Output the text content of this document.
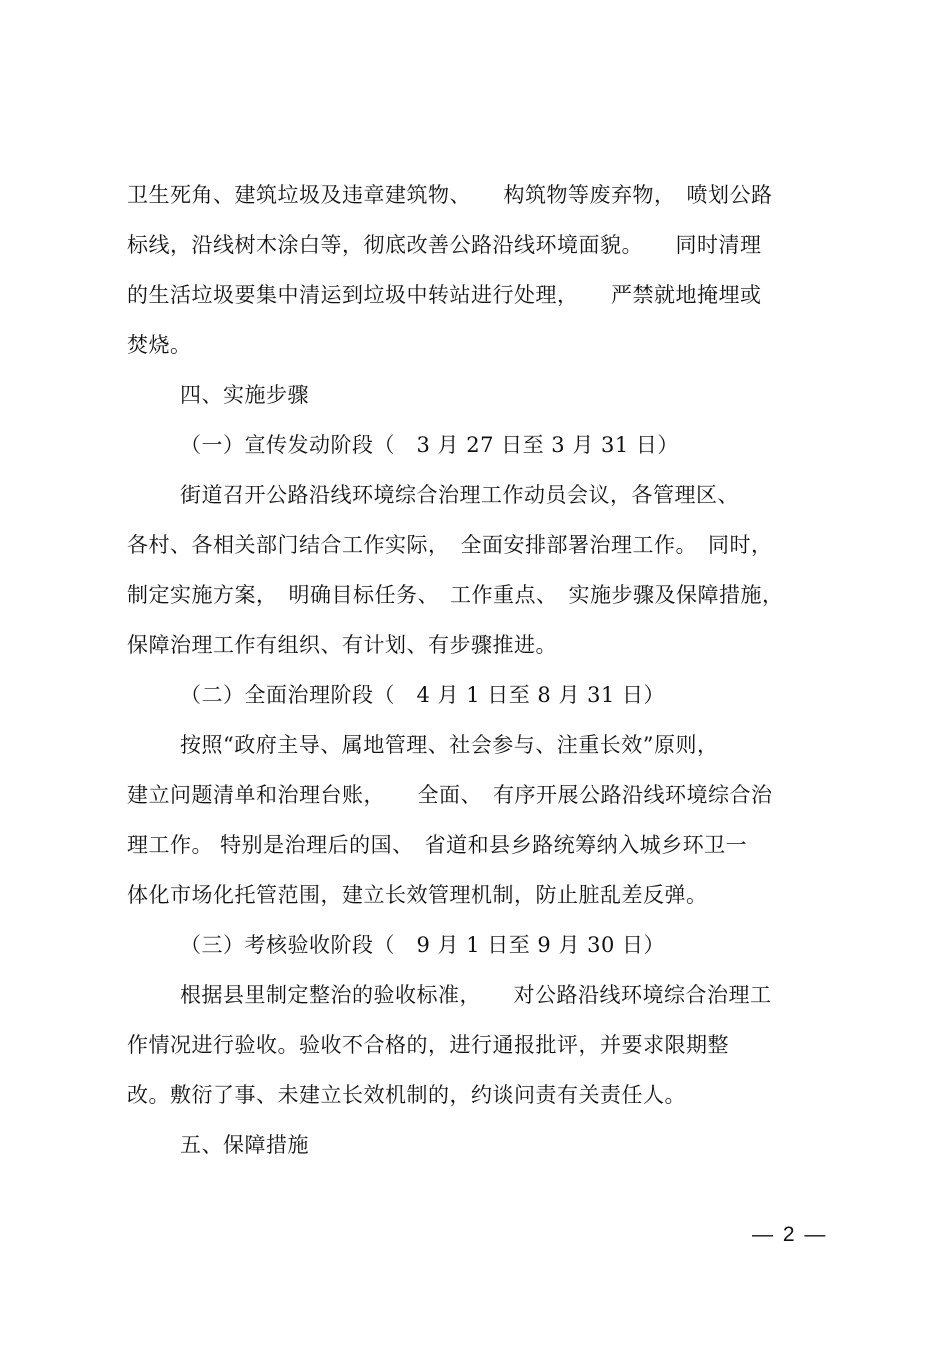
卫生死角、建筑垃圾及违章建筑物、　　构筑物等废弃物，　喷划公路
标线，沿线树木涂白等，彻底改善公路沿线环境面貌。　　同时清理
的生活垃圾要集中清运到垃圾中转站进行处理，　　严禁就地掩埋或
焚烧。
四、实施步骤
（一）宣传发动阶段（　3 月 27 日至 3 月 31 日）
街道召开公路沿线环境综合治理工作动员会议，各管理区、
各村、各相关部门结合工作实际，　全面安排部署治理工作。　同时，
制定实施方案，　明确目标任务、　工作重点、　实施步骤及保障措施，
保障治理工作有组织、有计划、有步骤推进。
（二）全面治理阶段（　4 月 1 日至 8 月 31 日）
按照“政府主导、属地管理、社会参与、注重长效”原则，
建立问题清单和治理台账，　　全面、　有序开展公路沿线环境综合治
理工作。 特别是治理后的国、　省道和县乡路统筹纳入城乡环卫一
体化市场化托管范围，建立长效管理机制，防止脏乱差反弹。
（三）考核验收阶段（　9 月 1 日至 9 月 30 日）
根据县里制定整治的验收标准，　　对公路沿线环境综合治理工
作情况进行验收。验收不合格的，进行通报批评，并要求限期整
改。敷衍了事、未建立长效机制的，约谈问责有关责任人。
五、保障措施
— 2 —
